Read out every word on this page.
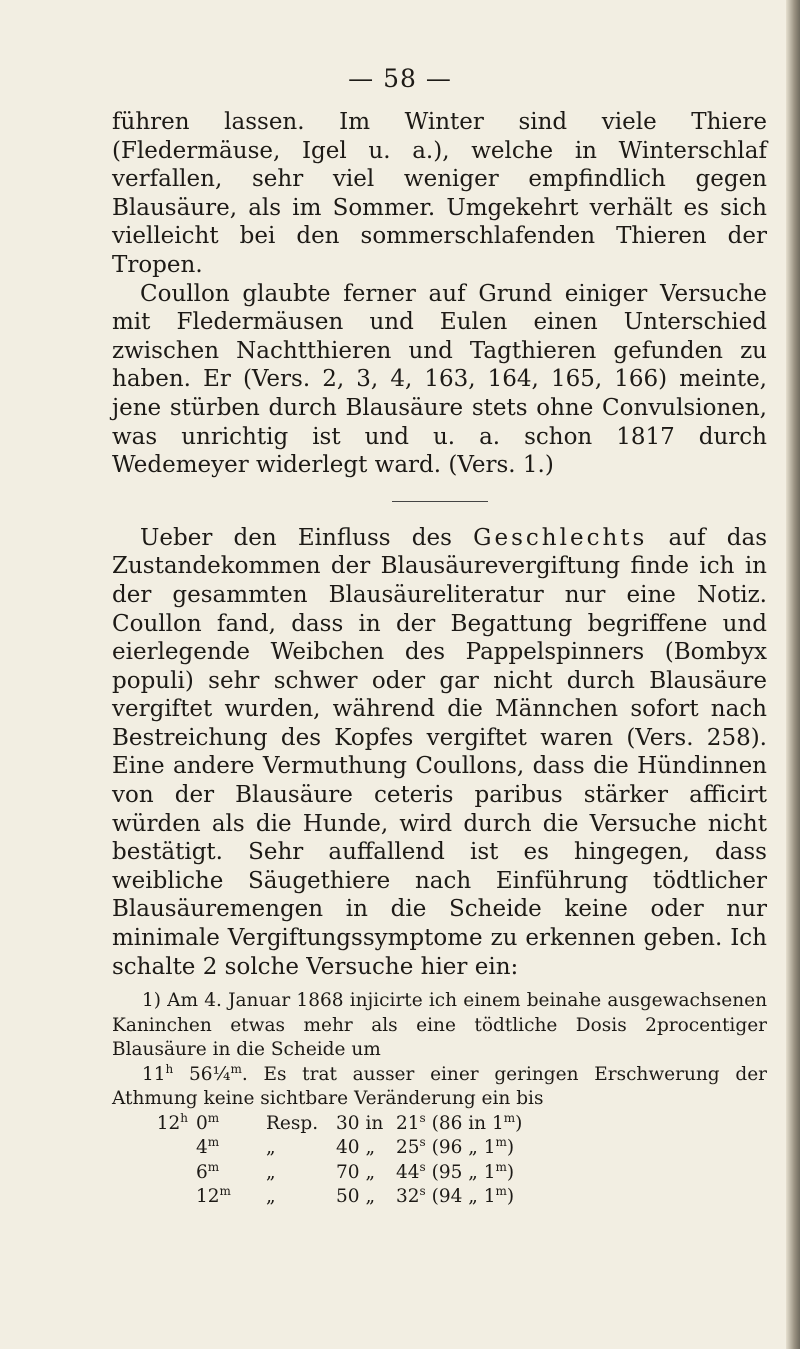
— 58 —

führen lassen. Im Winter sind viele Thiere (Fledermäuse, Igel u. a.), welche in Winterschlaf verfallen, sehr viel weniger empfindlich gegen Blausäure, als im Sommer. Umgekehrt verhält es sich vielleicht bei den sommerschlafenden Thieren der Tropen.

Coullon glaubte ferner auf Grund einiger Versuche mit Fledermäusen und Eulen einen Unterschied zwischen Nachtthieren und Tagthieren gefunden zu haben. Er (Vers. 2, 3, 4, 163, 164, 165, 166) meinte, jene stürben durch Blausäure stets ohne Convulsionen, was unrichtig ist und u. a. schon 1817 durch Wedemeyer widerlegt ward. (Vers. 1.)

Ueber den Einfluss des Geschlechts auf das Zustandekommen der Blausäurevergiftung finde ich in der gesammten Blausäureliteratur nur eine Notiz. Coullon fand, dass in der Begattung begriffene und eierlegende Weibchen des Pappelspinners (Bombyx populi) sehr schwer oder gar nicht durch Blausäure vergiftet wurden, während die Männchen sofort nach Bestreichung des Kopfes vergiftet waren (Vers. 258). Eine andere Vermuthung Coullons, dass die Hündinnen von der Blausäure ceteris paribus stärker afficirt würden als die Hunde, wird durch die Versuche nicht bestätigt. Sehr auffallend ist es hingegen, dass weibliche Säugethiere nach Einführung tödtlicher Blausäuremengen in die Scheide keine oder nur minimale Vergiftungssymptome zu erkennen geben. Ich schalte 2 solche Versuche hier ein:

1) Am 4. Januar 1868 injicirte ich einem beinahe ausgewachsenen Kaninchen etwas mehr als eine tödtliche Dosis 2procentiger Blausäure in die Scheide um

11$^h$ 56¼$^m$. Es trat ausser einer geringen Erschwerung der Athmung keine sichtbare Veränderung ein bis

12$^h$ 0$^m$	Resp. 30 in 21$^s$ (86 in 1$^m$)
4$^m$	„	40 „	25$^s$ (96 „ 1$^m$)
6$^m$	„	70 „	44$^s$ (95 „ 1$^m$)
12$^m$	„	50 „	32$^s$ (94 „ 1$^m$)
